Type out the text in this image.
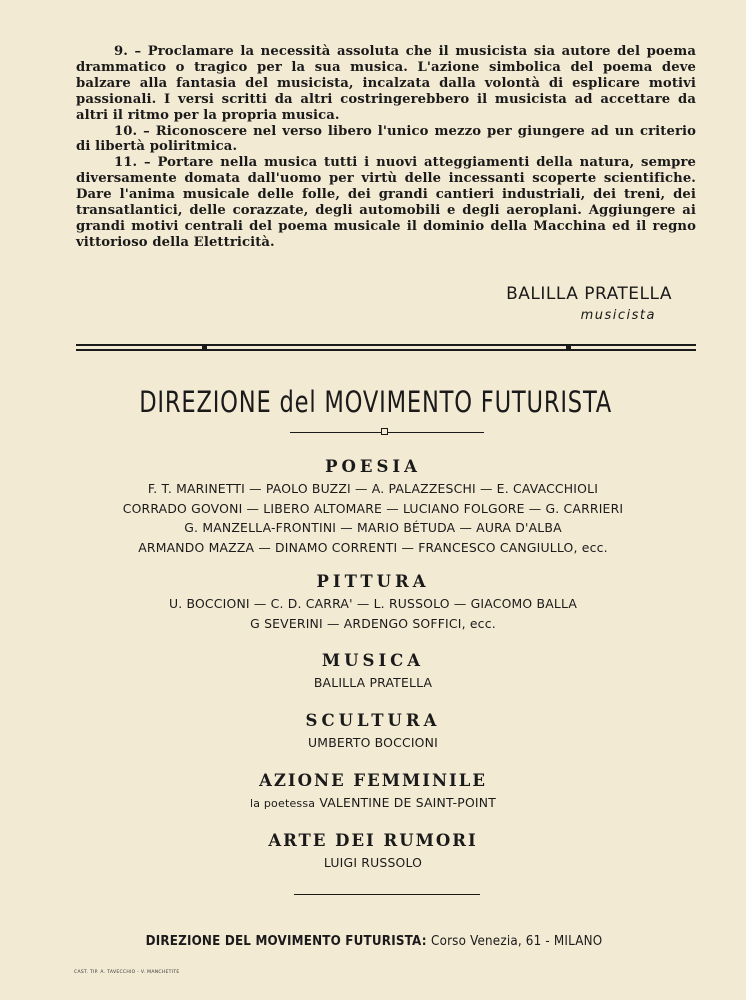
9. – Proclamare la necessità assoluta che il musicista sia autore del poema drammatico o tragico per la sua musica. L'azione simbolica del poema deve balzare alla fantasia del musicista, incalzata dalla volontà di esplicare motivi passionali. I versi scritti da altri costringerebbero il musicista ad accettare da altri il ritmo per la propria musica.

10. – Riconoscere nel verso libero l'unico mezzo per giungere ad un criterio di libertà poliritmica.

11. – Portare nella musica tutti i nuovi atteggiamenti della natura, sempre diversamente domata dall'uomo per virtù delle incessanti scoperte scientifiche. Dare l'anima musicale delle folle, dei grandi cantieri industriali, dei treni, dei transatlantici, delle corazzate, degli automobili e degli aeroplani. Aggiungere ai grandi motivi centrali del poema musicale il dominio della Macchina ed il regno vittorioso della Elettricità.

BALILLA PRATELLA
musicista
DIREZIONE del MOVIMENTO FUTURISTA
POESIA
F. T. MARINETTI — PAOLO BUZZI — A. PALAZZESCHI — E. CAVACCHIOLI
CORRADO GOVONI — LIBERO ALTOMARE — LUCIANO FOLGORE — G. CARRIERI
G. MANZELLA-FRONTINI — MARIO BÉTUDA — AURA D'ALBA
ARMANDO MAZZA — DINAMO CORRENTI — FRANCESCO CANGIULLO, ecc.
PITTURA
U. BOCCIONI — C. D. CARRA' — L. RUSSOLO — GIACOMO BALLA
G SEVERINI — ARDENGO SOFFICI, ecc.
MUSICA
BALILLA PRATELLA
SCULTURA
UMBERTO BOCCIONI
AZIONE FEMMINILE
la poetessa VALENTINE DE SAINT-POINT
ARTE DEI RUMORI
LUIGI RUSSOLO
DIREZIONE DEL MOVIMENTO FUTURISTA: Corso Venezia, 61 - MILANO
CAST. TIP. A. TAVECCHIO - V. MANCHETITE
